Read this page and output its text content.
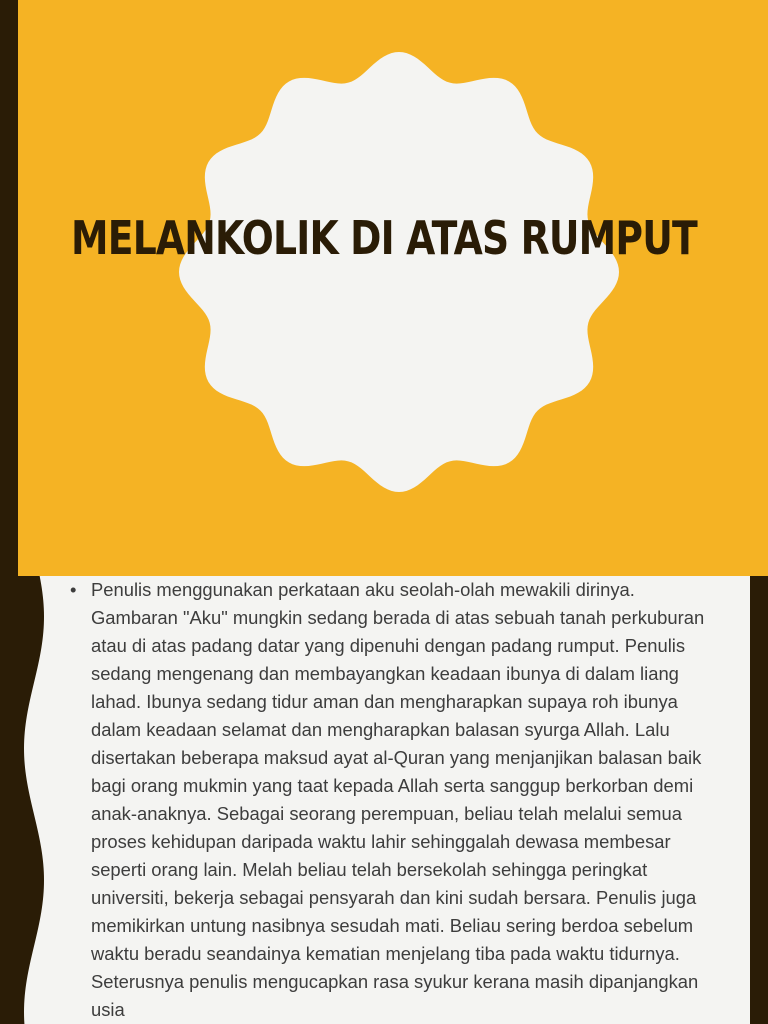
MELANKOLIK DI ATAS RUMPUT
• Penulis menggunakan perkataan aku seolah-olah mewakili dirinya. Gambaran "Aku" mungkin sedang berada di atas sebuah tanah perkuburan atau di atas padang datar yang dipenuhi dengan padang rumput. Penulis sedang mengenang dan membayangkan keadaan ibunya di dalam liang lahad. Ibunya sedang tidur aman dan mengharapkan supaya roh ibunya dalam keadaan selamat dan mengharapkan balasan syurga Allah. Lalu disertakan beberapa maksud ayat al-Quran yang menjanjikan balasan baik bagi orang mukmin yang taat kepada Allah serta sanggup berkorban demi anak-anaknya. Sebagai seorang perempuan, beliau telah melalui semua proses kehidupan daripada waktu lahir sehinggalah dewasa membesar seperti orang lain. Melah beliau telah bersekolah sehingga peringkat universiti, bekerja sebagai pensyarah dan kini sudah bersara. Penulis juga memikirkan untung nasibnya sesudah mati. Beliau sering berdoa sebelum waktu beradu seandainya kematian menjelang tiba pada waktu tidurnya. Seterusnya penulis mengucapkan rasa syukur kerana masih dipanjangkan usia
